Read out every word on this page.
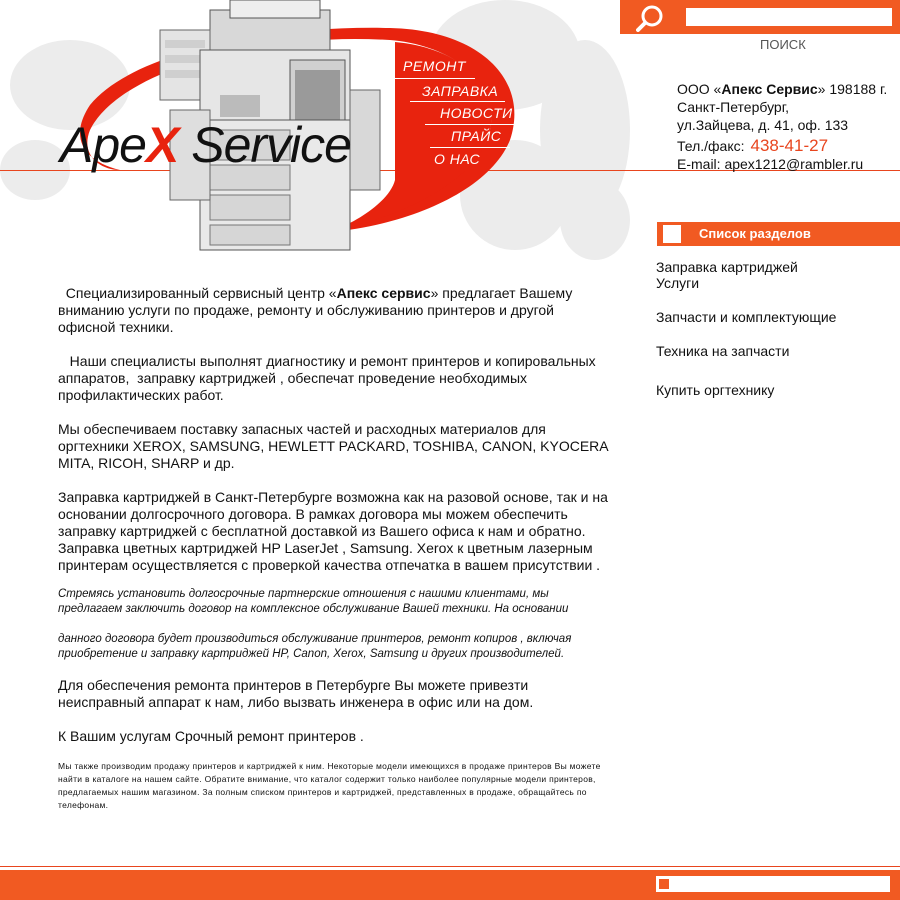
ПОИСК
ApeX Service
РЕМОНТ
ЗАПРАВКА
НОВОСТИ
ПРАЙС
О НАС
ООО «Апекс Сервис» 198188 г.
Санкт-Петербург,
ул.Зайцева, д. 41, оф. 133
Тел./факс: 438-41-27
E-mail: apex1212@rambler.ru
Список разделов
Заправка картриджей
Услуги
Запчасти и комплектующие
Техника на запчасти
Купить оргтехнику

Специализированный сервисный центр «Апекс сервис» предлагает Вашему вниманию услуги по продаже, ремонту и обслуживанию принтеров и другой офисной техники.

Наши специалисты выполнят диагностику и ремонт принтеров и копировальных аппаратов,  заправку картриджей , обеспечат проведение необходимых профилактических работ.

Мы обеспечиваем поставку запасных частей и расходных материалов для оргтехники XEROX, SAMSUNG, HEWLETT PACKARD, TOSHIBA, CANON, KYOCERA MITA, RICOH, SHARP и др.

Заправка картриджей в Санкт-Петербурге возможна как на разовой основе, так и на основании долгосрочного договора. В рамках договора мы можем обеспечить заправку картриджей с бесплатной доставкой из Вашего офиса к нам и обратно. Заправка цветных картриджей HP LaserJet , Samsung. Xerox к цветным лазерным принтерам осуществляется с проверкой качества отпечатка в вашем присутствии .

Стремясь установить долгосрочные партнерские отношения с нашими клиентами, мы предлагаем заключить договор на комплексное обслуживание Вашей техники. На основании

данного договора будет производиться обслуживание принтеров, ремонт копиров , включая приобретение и заправку картриджей HP, Canon, Xerox, Samsung и других производителей.

Для обеспечения ремонта принтеров в Петербурге Вы можете привезти неисправный аппарат к нам, либо вызвать инженера в офис или на дом.

К Вашим услугам Срочный ремонт принтеров .

Мы также производим продажу принтеров и картриджей к ним. Некоторые модели имеющихся в продаже принтеров Вы можете найти в каталоге на нашем сайте. Обратите внимание, что каталог содержит только наиболее популярные модели принтеров, предлагаемых нашим магазином. За полным списком принтеров и картриджей, представленных в продаже, обращайтесь по телефонам.
